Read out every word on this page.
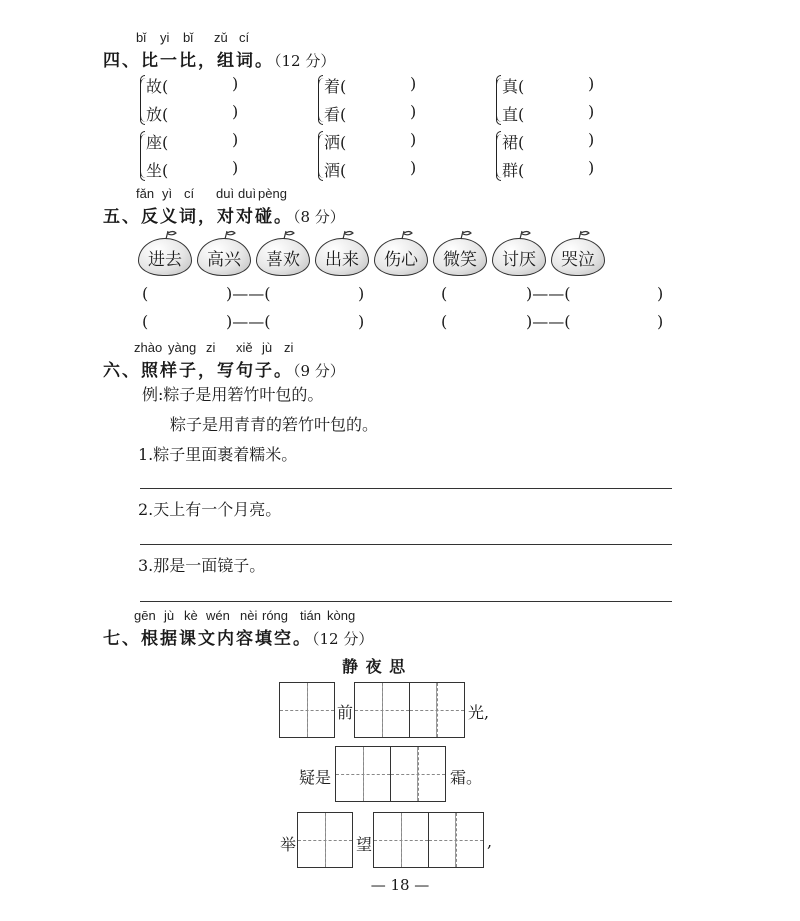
bǐ yi bǐ zǔ cí
四、比一比，组词。（12 分）
故(	)
放(	)
着(	)
看(	)
真(	)
直(	)
座(	)
坐(	)
洒(	)
酒(	)
裙(	)
群(	)
fǎn yì cí duì duì pèng
五、反义词，对对碰。（8 分）
进去 高兴 喜欢 出来 伤心 微笑 讨厌 哭泣
(	)——(	)	(	)——(	)
(	)——(	)	(	)——(	)
zhào yàng zi xiě jù zi
六、照样子，写句子。（9 分）
例:粽子是用箬竹叶包的。
粽子是用青青的箬竹叶包的。
1.粽子里面裹着糯米。
2.天上有一个月亮。
3.那是一面镜子。
gēn jù kè wén nèi róng tián kòng
七、根据课文内容填空。（12 分）
静 夜 思
前	光,
疑是	霜。
举	望	,
— 18 —
